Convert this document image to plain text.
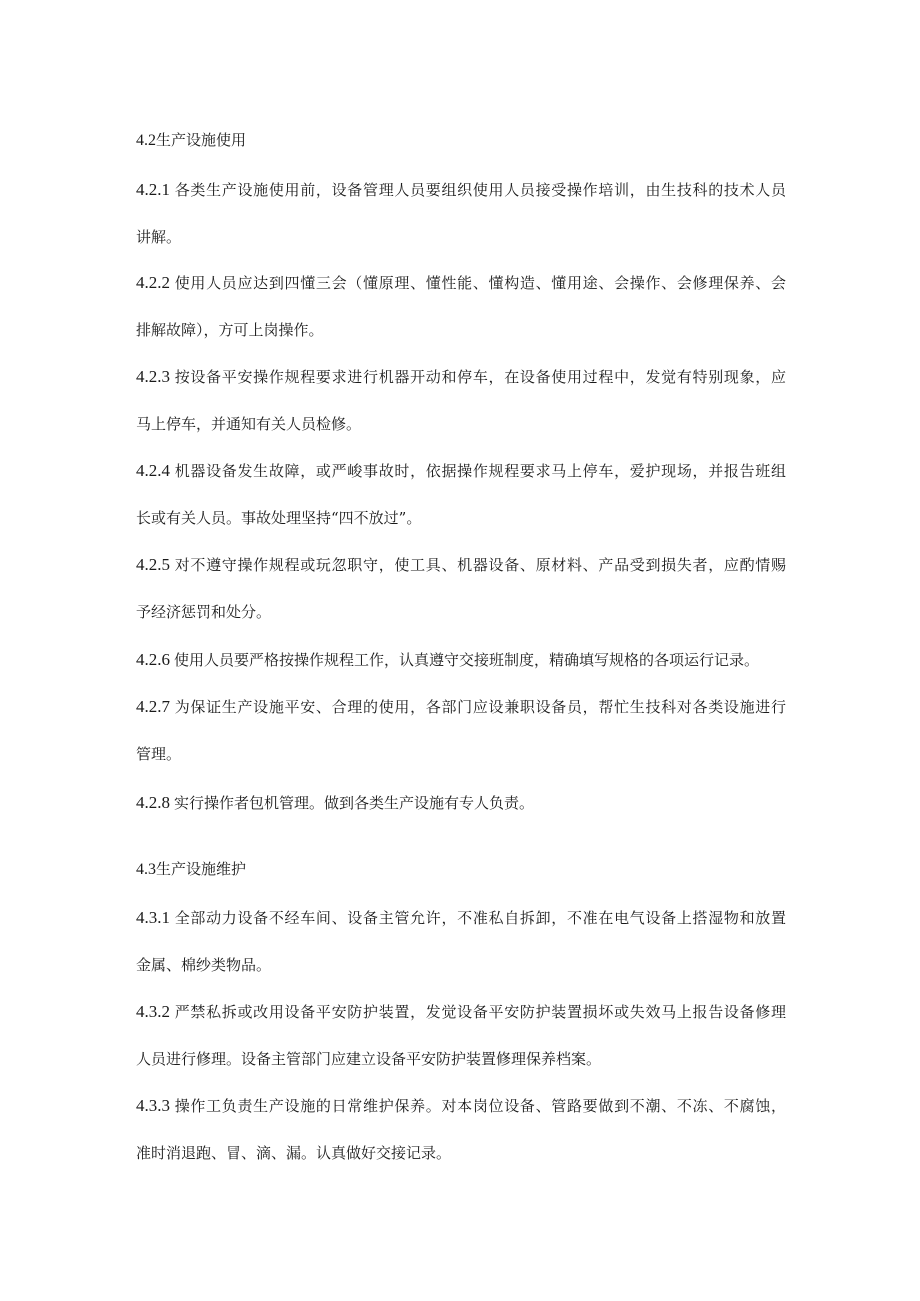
4.2生产设施使用
4.2.1 各类生产设施使用前，设备管理人员要组织使用人员接受操作培训，由生技科的技术人员
讲解。
4.2.2 使用人员应达到四懂三会（懂原理、懂性能、懂构造、懂用途、会操作、会修理保养、会
排解故障），方可上岗操作。
4.2.3 按设备平安操作规程要求进行机器开动和停车，在设备使用过程中，发觉有特别现象，应
马上停车，并通知有关人员检修。
4.2.4 机器设备发生故障，或严峻事故时，依据操作规程要求马上停车，爱护现场，并报告班组
长或有关人员。事故处理坚持“四不放过”。
4.2.5 对不遵守操作规程或玩忽职守，使工具、机器设备、原材料、产品受到损失者，应酌情赐
予经济惩罚和处分。
4.2.6 使用人员要严格按操作规程工作，认真遵守交接班制度，精确填写规格的各项运行记录。
4.2.7 为保证生产设施平安、合理的使用，各部门应设兼职设备员，帮忙生技科对各类设施进行
管理。
4.2.8 实行操作者包机管理。做到各类生产设施有专人负责。
4.3生产设施维护
4.3.1 全部动力设备不经车间、设备主管允许，不准私自拆卸，不准在电气设备上搭湿物和放置
金属、棉纱类物品。
4.3.2 严禁私拆或改用设备平安防护装置，发觉设备平安防护装置损坏或失效马上报告设备修理
人员进行修理。设备主管部门应建立设备平安防护装置修理保养档案。
4.3.3 操作工负责生产设施的日常维护保养。对本岗位设备、管路要做到不潮、不冻、不腐蚀，
准时消退跑、冒、滴、漏。认真做好交接记录。
